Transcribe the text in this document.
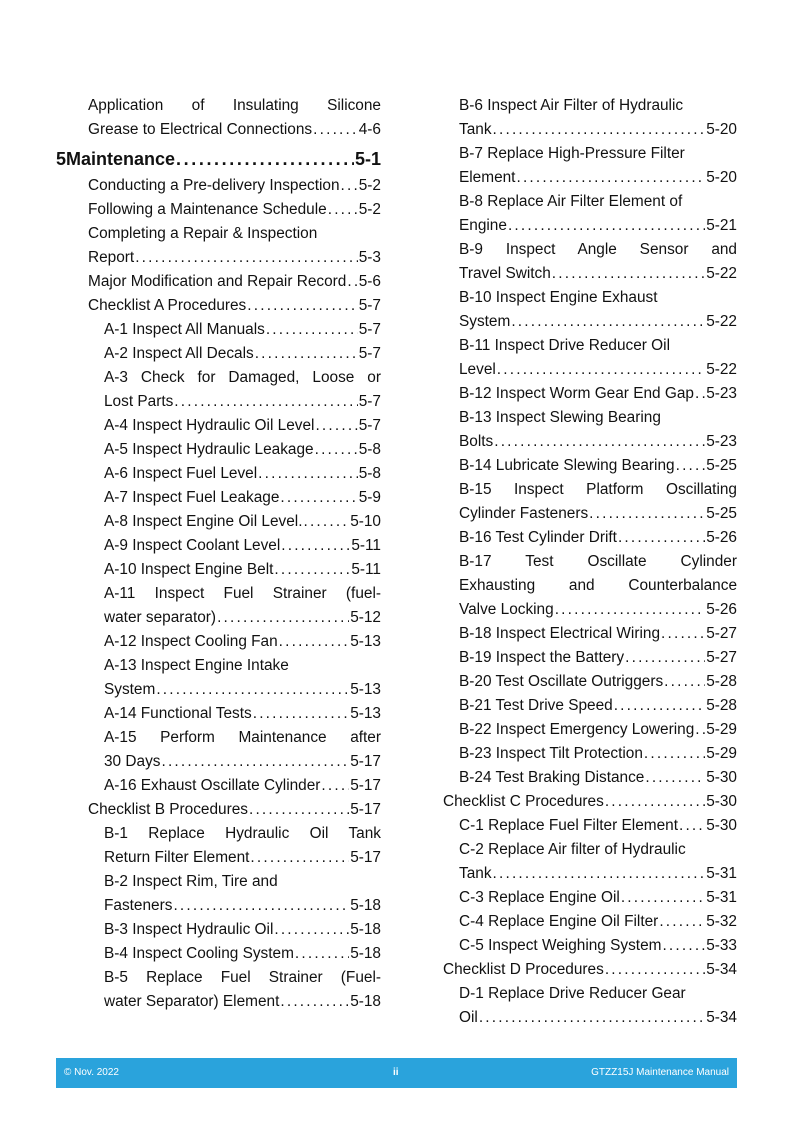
Application of Insulating Silicone
Grease to Electrical Connections .....	4-6
5 Maintenance .....	5-1
Conducting a Pre-delivery Inspection ..... 5-2
Following a Maintenance Schedule ..... 5-2
Completing a Repair & Inspection
Report .....	5-3
Major Modification and Repair Record ..... 5-6
Checklist A Procedures .....	5-7
A-1 Inspect All Manuals .....	5-7
A-2 Inspect All Decals .....	5-7
A-3 Check for Damaged, Loose or
Lost Parts .....	5-7
A-4 Inspect Hydraulic Oil Level .....	5-7
A-5 Inspect Hydraulic Leakage .....	5-8
A-6 Inspect Fuel Level .....	5-8
A-7 Inspect Fuel Leakage .....	5-9
A-8 Inspect Engine Oil Level. .....	5-10
A-9 Inspect Coolant Level .....	5-11
A-10 Inspect Engine Belt .....	5-11
A-11 Inspect Fuel Strainer (fuel-
water separator) .....	5-12
A-12 Inspect Cooling Fan .....	5-13
A-13 Inspect Engine Intake
System .....	5-13
A-14 Functional Tests .....	5-13
A-15 Perform Maintenance after
30 Days .....	5-17
A-16 Exhaust Oscillate Cylinder ..... 5-17
Checklist B Procedures .....	5-17
B-1 Replace Hydraulic Oil Tank
Return Filter Element .....	5-17
B-2 Inspect Rim, Tire and
Fasteners .....	5-18
B-3 Inspect Hydraulic Oil .....	5-18
B-4 Inspect Cooling System .....	5-18
B-5 Replace Fuel Strainer (Fuel-
water Separator) Element .....	5-18
B-6 Inspect Air Filter of Hydraulic
Tank .....	5-20
B-7 Replace High-Pressure Filter
Element .....	5-20
B-8 Replace Air Filter Element of
Engine .....	5-21
B-9 Inspect Angle Sensor and
Travel Switch .....	5-22
B-10 Inspect Engine Exhaust
System .....	5-22
B-11 Inspect Drive Reducer Oil
Level .....	5-22
B-12 Inspect Worm Gear End Gap ..... 5-23
B-13 Inspect Slewing Bearing
Bolts .....	5-23
B-14 Lubricate Slewing Bearing ..... 5-25
B-15 Inspect Platform Oscillating
Cylinder Fasteners .....	5-25
B-16 Test Cylinder Drift .....	5-26
B-17 Test Oscillate Cylinder
Exhausting and Counterbalance
Valve Locking .....	5-26
B-18 Inspect Electrical Wiring .....	5-27
B-19 Inspect the Battery .....	5-27
B-20 Test Oscillate Outriggers .....	5-28
B-21 Test Drive Speed .....	5-28
B-22 Inspect Emergency Lowering ..... 5-29
B-23 Inspect Tilt Protection .....	5-29
B-24 Test Braking Distance .....	5-30
Checklist C Procedures .....	5-30
C-1 Replace Fuel Filter Element ..... 5-30
C-2 Replace Air filter of Hydraulic
Tank .....	5-31
C-3 Replace Engine Oil .....	5-31
C-4 Replace Engine Oil Filter .....	5-32
C-5 Inspect Weighing System .....	5-33
Checklist D Procedures .....	5-34
D-1 Replace Drive Reducer Gear
Oil .....	5-34
© Nov. 2022	ii	GTZZ15J Maintenance Manual
